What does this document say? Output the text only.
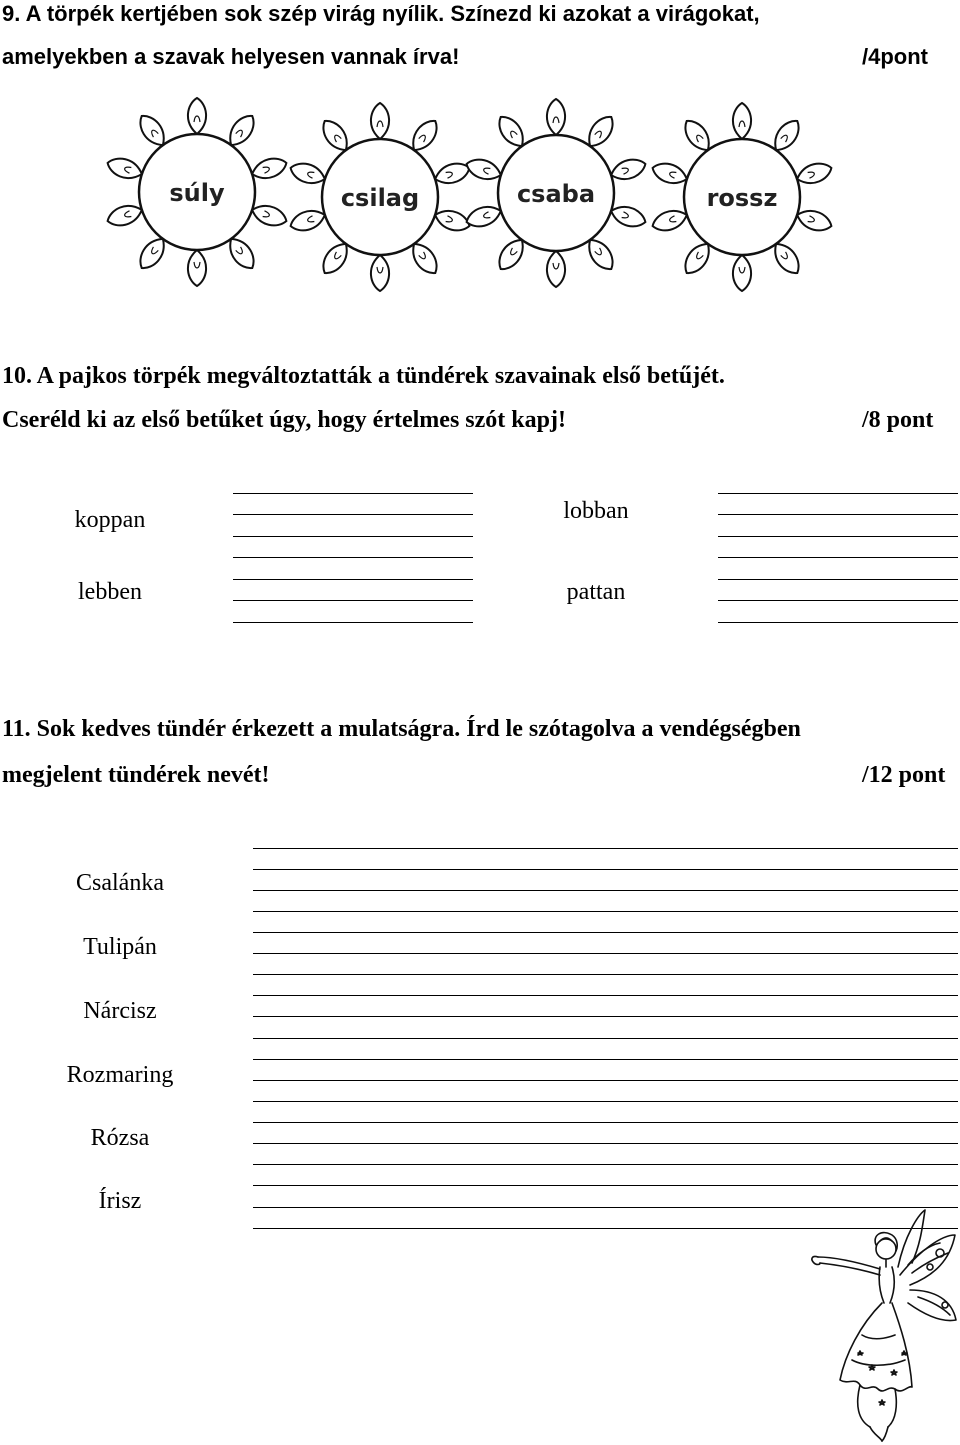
9. A törpék kertjében sok szép virág nyílik. Színezd ki azokat a virágokat,
amelyekben a szavak helyesen vannak írva!	/4pont
súly	csilag	csaba	rossz
10. A pajkos törpék megváltoztatták a tündérek szavainak első betűjét.
Cseréld ki az első betűket úgy, hogy értelmes szót kapj!	/8 pont
koppan
lebben
lobban
pattan
11. Sok kedves tündér érkezett a mulatságra. Írd le szótagolva a vendégségben
megjelent tündérek nevét!	/12 pont
Csalánka
Tulipán
Nárcisz
Rozmaring
Rózsa
Írisz
